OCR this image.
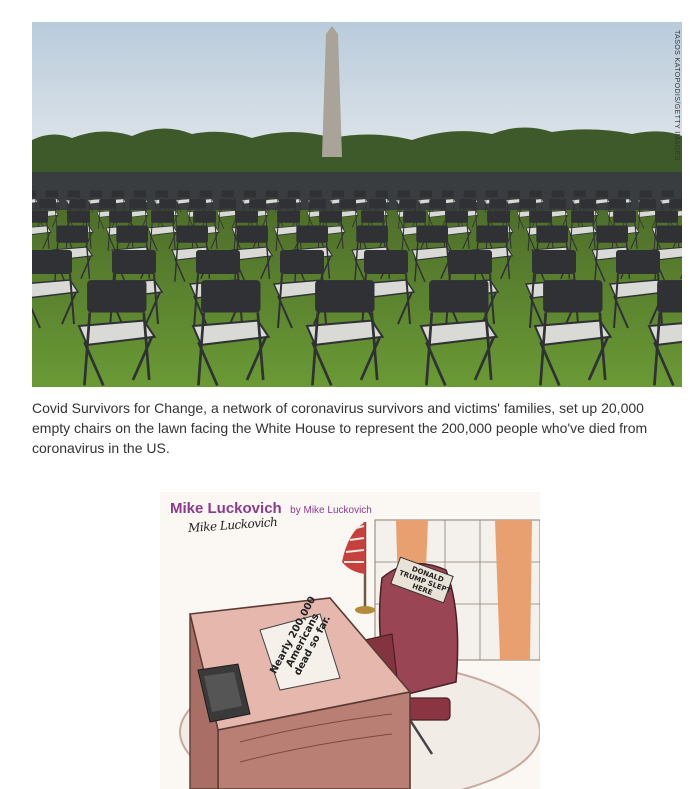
TASOS KATOPODIS/GETTY IMAGES

Covid Survivors for Change, a network of coronavirus survivors and victims' families, set up 20,000 empty chairs on the lawn facing the White House to represent the 200,000 people who've died from coronavirus in the US.

Mike Luckovich by Mike Luckovich
Mike Luckovich
Nearly 200,000 Americans dead so far.
DONALD TRUMP SLEPT HERE
